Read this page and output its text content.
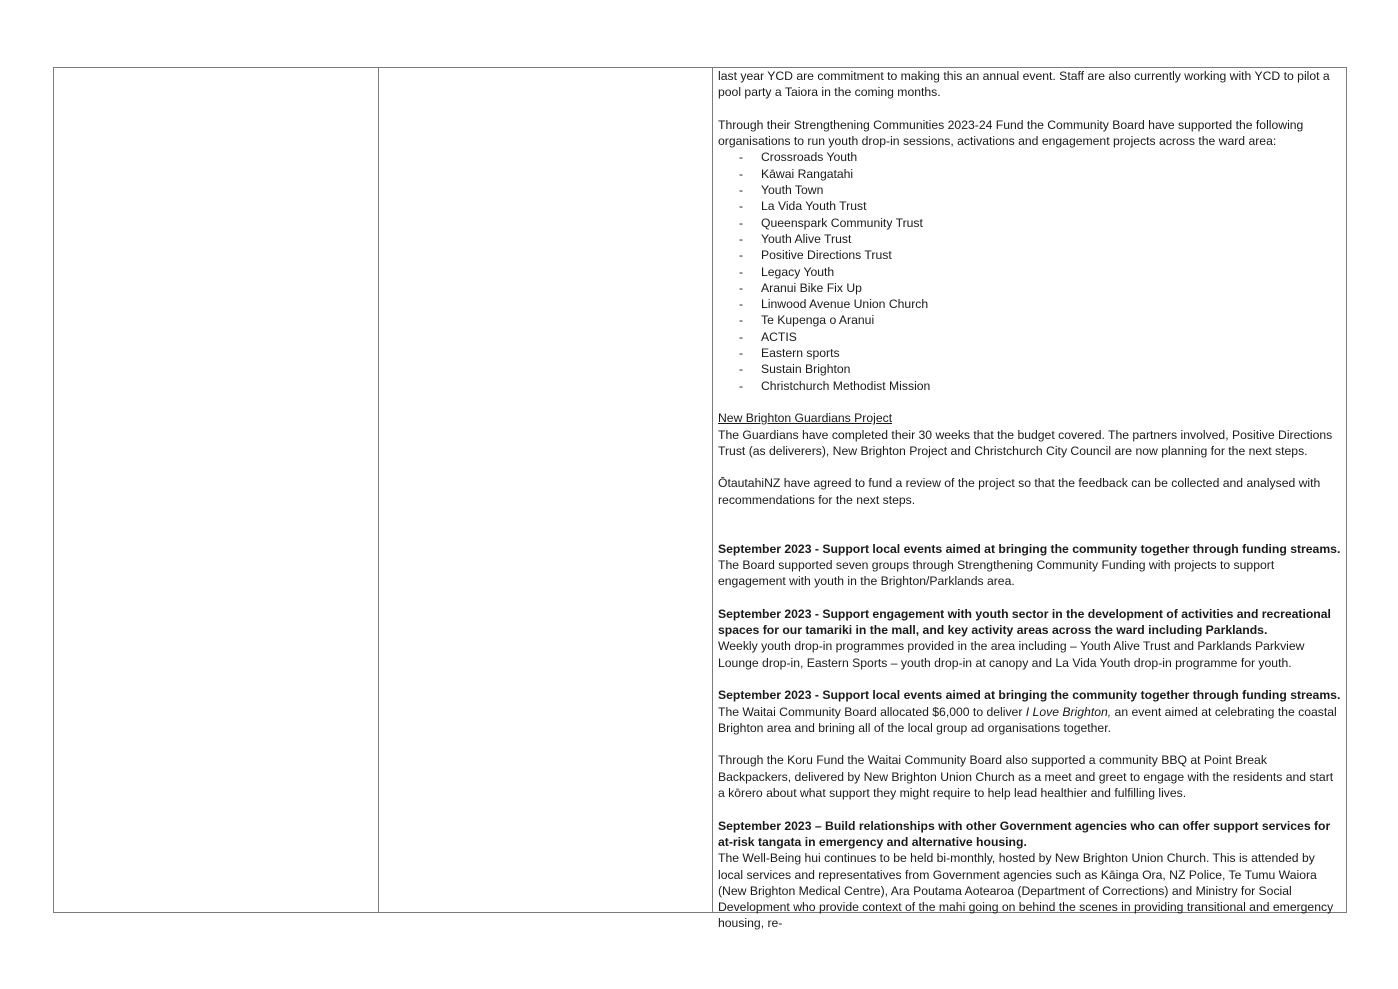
last year YCD are commitment to making this an annual event. Staff are also currently working with YCD to pilot a pool party a Taiora in the coming months.

Through their Strengthening Communities 2023-24 Fund the Community Board have supported the following organisations to run youth drop-in sessions, activations and engagement projects across the ward area:

- Crossroads Youth
- Kāwai Rangatahi
- Youth Town
- La Vida Youth Trust
- Queenspark Community Trust
- Youth Alive Trust
- Positive Directions Trust
- Legacy Youth
- Aranui Bike Fix Up
- Linwood Avenue Union Church
- Te Kupenga o Aranui
- ACTIS
- Eastern sports
- Sustain Brighton
- Christchurch Methodist Mission

New Brighton Guardians Project

The Guardians have completed their 30 weeks that the budget covered. The partners involved, Positive Directions Trust (as deliverers), New Brighton Project and Christchurch City Council are now planning for the next steps.

ŌtautahiNZ have agreed to fund a review of the project so that the feedback can be collected and analysed with recommendations for the next steps.

September 2023 - Support local events aimed at bringing the community together through funding streams.

The Board supported seven groups through Strengthening Community Funding with projects to support engagement with youth in the Brighton/Parklands area.

September 2023 - Support engagement with youth sector in the development of activities and recreational spaces for our tamariki in the mall, and key activity areas across the ward including Parklands.

Weekly youth drop-in programmes provided in the area including – Youth Alive Trust and Parklands Parkview Lounge drop-in, Eastern Sports – youth drop-in at canopy and La Vida Youth drop-in programme for youth.

September 2023 - Support local events aimed at bringing the community together through funding streams.

The Waitai Community Board allocated $6,000 to deliver I Love Brighton, an event aimed at celebrating the coastal Brighton area and brining all of the local group ad organisations together.

Through the Koru Fund the Waitai Community Board also supported a community BBQ at Point Break Backpackers, delivered by New Brighton Union Church as a meet and greet to engage with the residents and start a kōrero about what support they might require to help lead healthier and fulfilling lives.

September 2023 – Build relationships with other Government agencies who can offer support services for at-risk tangata in emergency and alternative housing.

The Well-Being hui continues to be held bi-monthly, hosted by New Brighton Union Church. This is attended by local services and representatives from Government agencies such as Kāinga Ora, NZ Police, Te Tumu Waiora (New Brighton Medical Centre), Ara Poutama Aotearoa (Department of Corrections) and Ministry for Social Development who provide context of the mahi going on behind the scenes in providing transitional and emergency housing, re-
